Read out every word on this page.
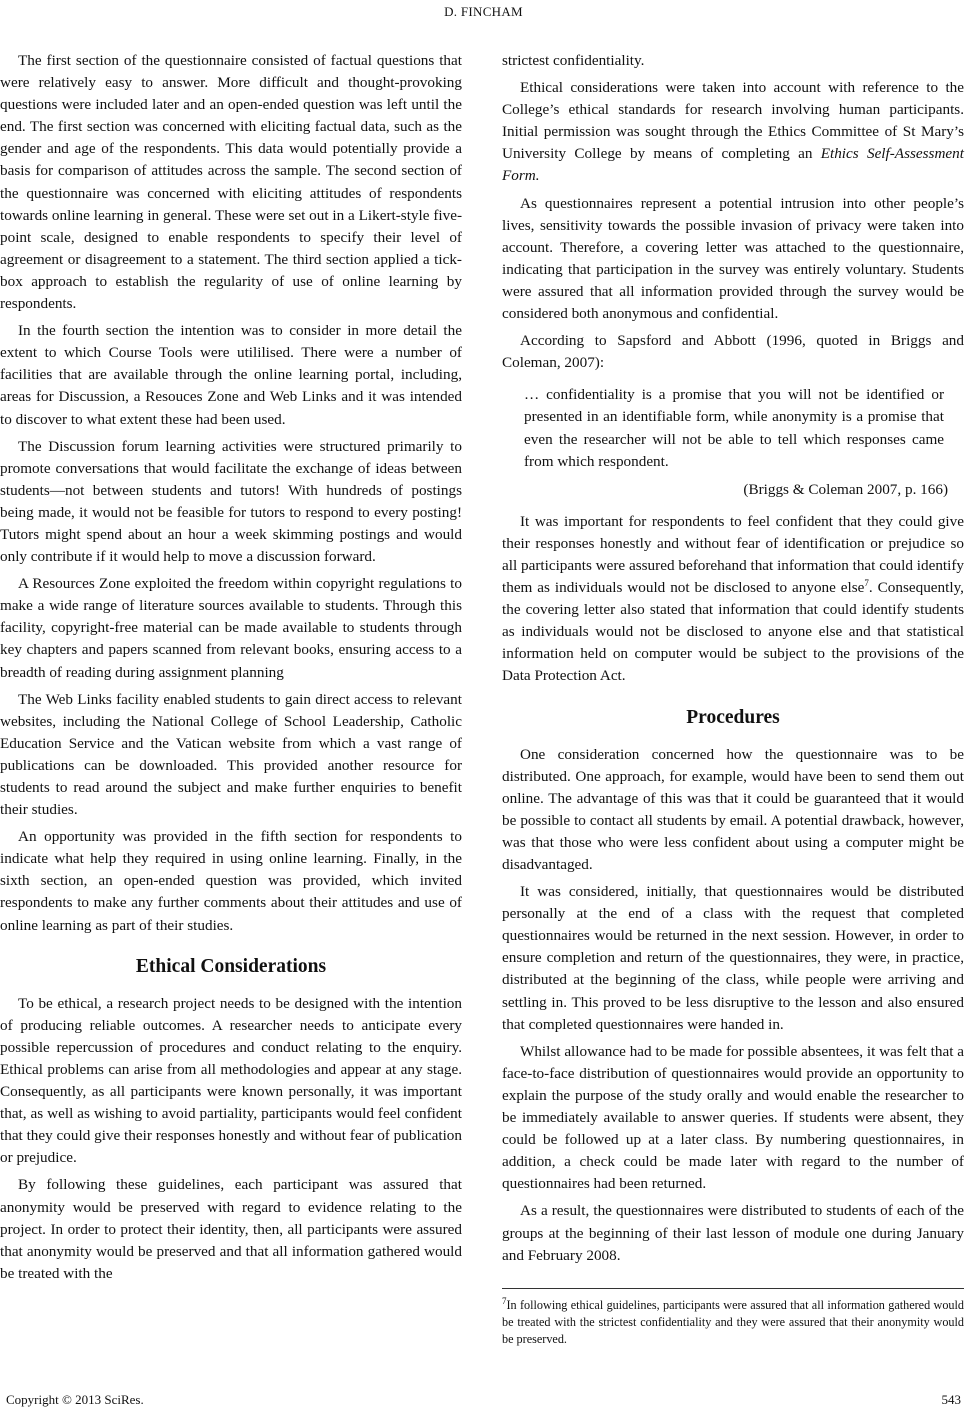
D. FINCHAM

The first section of the questionnaire consisted of factual questions that were relatively easy to answer. More difficult and thought-provoking questions were included later and an open-ended question was left until the end. The first section was concerned with eliciting factual data, such as the gender and age of the respondents. This data would potentially provide a basis for comparison of attitudes across the sample. The second section of the questionnaire was concerned with eliciting attitudes of respondents towards online learning in general. These were set out in a Likert-style five-point scale, designed to enable respondents to specify their level of agreement or disagreement to a statement. The third section applied a tick-box approach to establish the regularity of use of online learning by respondents.

In the fourth section the intention was to consider in more detail the extent to which Course Tools were utililised. There were a number of facilities that are available through the online learning portal, including, areas for Discussion, a Resouces Zone and Web Links and it was intended to discover to what extent these had been used.

The Discussion forum learning activities were structured primarily to promote conversations that would facilitate the exchange of ideas between students—not between students and tutors! With hundreds of postings being made, it would not be feasible for tutors to respond to every posting! Tutors might spend about an hour a week skimming postings and would only contribute if it would help to move a discussion forward.

A Resources Zone exploited the freedom within copyright regulations to make a wide range of literature sources available to students. Through this facility, copyright-free material can be made available to students through key chapters and papers scanned from relevant books, ensuring access to a breadth of reading during assignment planning

The Web Links facility enabled students to gain direct access to relevant websites, including the National College of School Leadership, Catholic Education Service and the Vatican website from which a vast range of publications can be downloaded. This provided another resource for students to read around the subject and make further enquiries to benefit their studies.

An opportunity was provided in the fifth section for respondents to indicate what help they required in using online learning. Finally, in the sixth section, an open-ended question was provided, which invited respondents to make any further comments about their attitudes and use of online learning as part of their studies.

Ethical Considerations

To be ethical, a research project needs to be designed with the intention of producing reliable outcomes. A researcher needs to anticipate every possible repercussion of procedures and conduct relating to the enquiry. Ethical problems can arise from all methodologies and appear at any stage. Consequently, as all participants were known personally, it was important that, as well as wishing to avoid partiality, participants would feel confident that they could give their responses honestly and without fear of publication or prejudice.

By following these guidelines, each participant was assured that anonymity would be preserved with regard to evidence relating to the project. In order to protect their identity, then, all participants were assured that anonymity would be preserved and that all information gathered would be treated with the

strictest confidentiality.

Ethical considerations were taken into account with reference to the College’s ethical standards for research involving human participants. Initial permission was sought through the Ethics Committee of St Mary’s University College by means of completing an Ethics Self-Assessment Form.

As questionnaires represent a potential intrusion into other people’s lives, sensitivity towards the possible invasion of privacy were taken into account. Therefore, a covering letter was attached to the questionnaire, indicating that participation in the survey was entirely voluntary. Students were assured that all information provided through the survey would be considered both anonymous and confidential.

According to Sapsford and Abbott (1996, quoted in Briggs and Coleman, 2007):

… confidentiality is a promise that you will not be identified or presented in an identifiable form, while anonymity is a promise that even the researcher will not be able to tell which responses came from which respondent.
(Briggs & Coleman 2007, p. 166)

It was important for respondents to feel confident that they could give their responses honestly and without fear of identification or prejudice so all participants were assured beforehand that information that could identify them as individuals would not be disclosed to anyone else$^7$. Consequently, the covering letter also stated that information that could identify students as individuals would not be disclosed to anyone else and that statistical information held on computer would be subject to the provisions of the Data Protection Act.

Procedures

One consideration concerned how the questionnaire was to be distributed. One approach, for example, would have been to send them out online. The advantage of this was that it could be guaranteed that it would be possible to contact all students by email. A potential drawback, however, was that those who were less confident about using a computer might be disadvantaged.

It was considered, initially, that questionnaires would be distributed personally at the end of a class with the request that completed questionnaires would be returned in the next session. However, in order to ensure completion and return of the questionnaires, they were, in practice, distributed at the beginning of the class, while people were arriving and settling in. This proved to be less disruptive to the lesson and also ensured that completed questionnaires were handed in.

Whilst allowance had to be made for possible absentees, it was felt that a face-to-face distribution of questionnaires would provide an opportunity to explain the purpose of the study orally and would enable the researcher to be immediately available to answer queries. If students were absent, they could be followed up at a later class. By numbering questionnaires, in addition, a check could be made later with regard to the number of questionnaires had been returned.

As a result, the questionnaires were distributed to students of each of the groups at the beginning of their last lesson of module one during January and February 2008.

$^7$In following ethical guidelines, participants were assured that all information gathered would be treated with the strictest confidentiality and they were assured that their anonymity would be preserved.
Copyright © 2013 SciRes.	543
